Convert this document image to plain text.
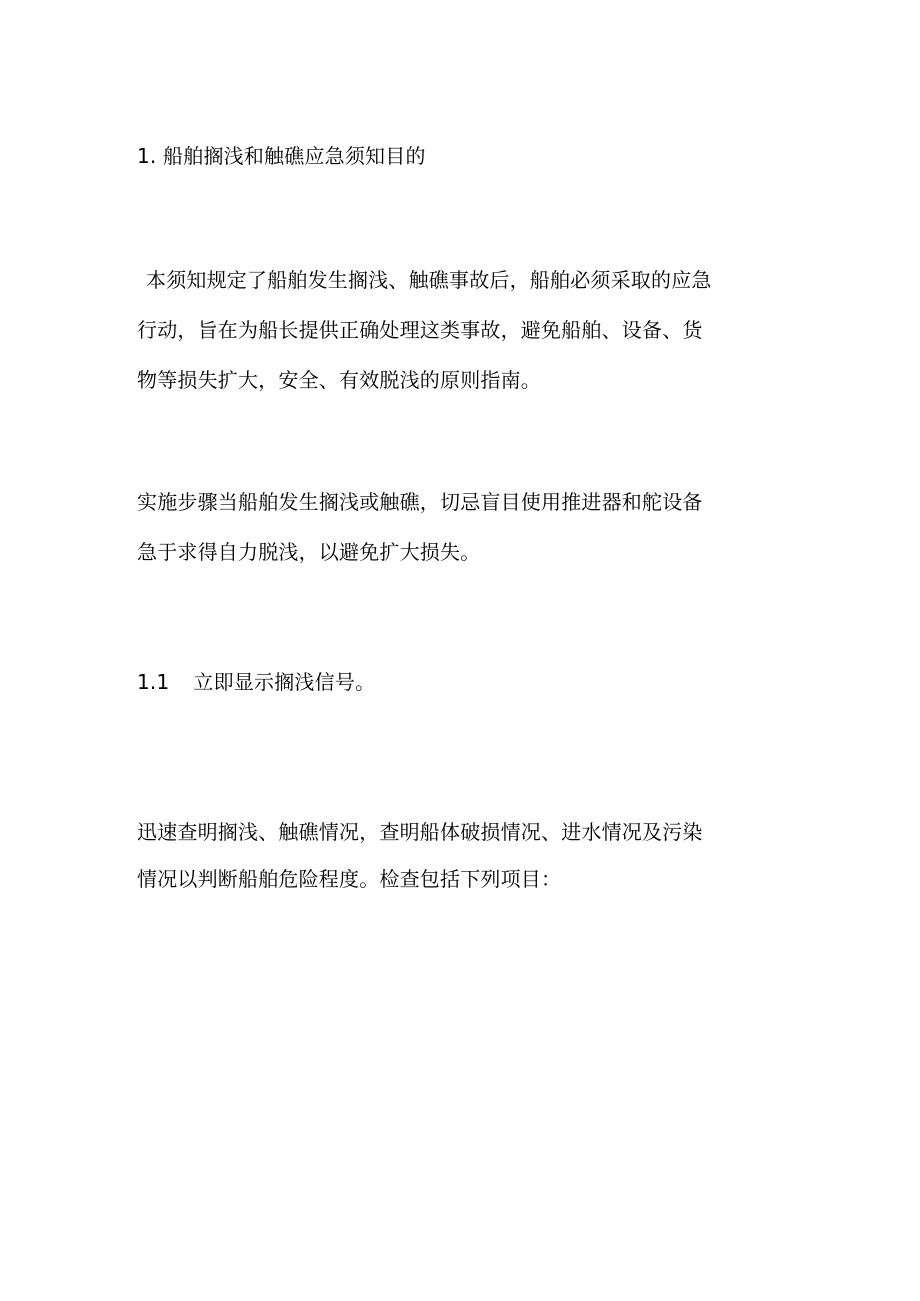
1. 船舶搁浅和触礁应急须知目的
本须知规定了船舶发生搁浅、触礁事故后，船舶必须采取的应急
行动，旨在为船长提供正确处理这类事故，避免船舶、设备、货
物等损失扩大，安全、有效脱浅的原则指南。
实施步骤当船舶发生搁浅或触礁，切忌盲目使用推进器和舵设备
急于求得自力脱浅，以避免扩大损失。
1.1 立即显示搁浅信号。
迅速查明搁浅、触礁情况，查明船体破损情况、进水情况及污染
情况以判断船舶危险程度。检查包括下列项目：
